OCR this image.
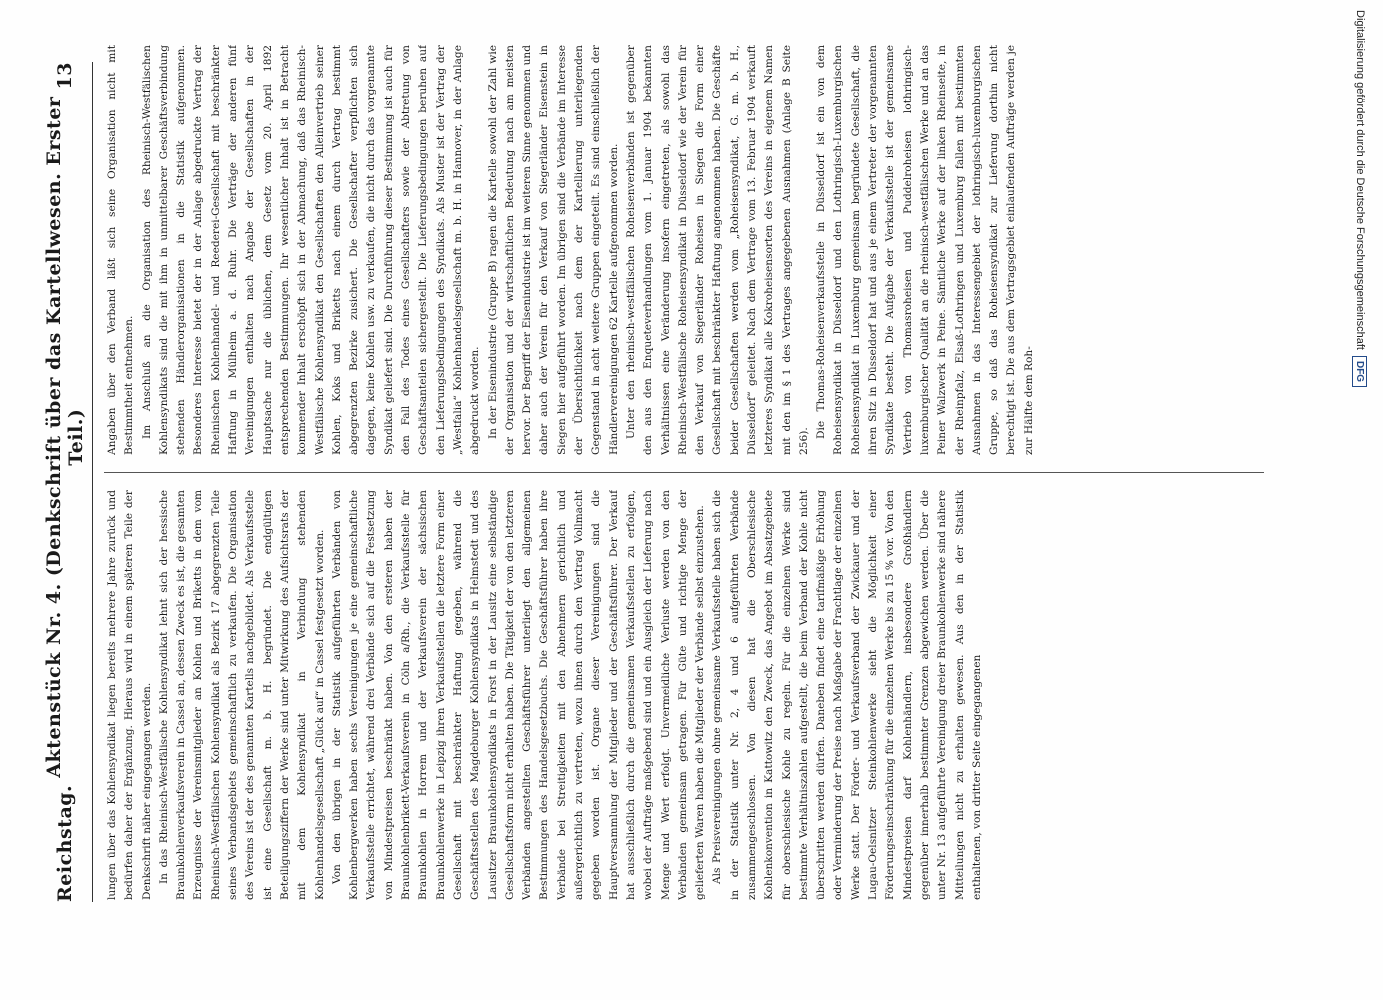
Reichstag.
Aktenstück Nr. 4. (Denkschrift über das Kartellwesen. Erster Teil.)
13

lungen über das Kohlensyndikat liegen bereits mehrere Jahre zurück und bedürfen daher der Ergänzung. Hieraus wird in einem späteren Teile der Denkschrift näher eingegangen werden. In das Rheinisch-Westfälische Kohlensyndikat lehnt sich der hessische Braunkohlenverkaufsverein in Cassel an, dessen Zweck es ist, die gesamten Erzeugnisse der Vereinsmitglieder an Kohlen und Briketts in dem vom Rheinisch-Westfälischen Kohlensyndikat als Bezirk 17 abgegrenzten Teile seines Verbandsgebiets gemeinschaftlich zu verkaufen. Die Organisation des Vereins ist der des genannten Kartells nachgebildet. Als Verkaufsstelle ist eine Gesellschaft m. b. H. begründet. Die endgültigen Beteiligungsziffern der Werke sind unter Mitwirkung des Aufsichtsrats der mit dem Kohlensyndikat in Verbindung stehenden Kohlenhandelsgesellschaft „Glück auf“ in Cassel festgesetzt worden. Von den übrigen in der Statistik aufgeführten Verbänden von Kohlenbergwerken haben sechs Vereinigungen je eine gemeinschaftliche Verkaufsstelle errichtet, während drei Verbände sich auf die Festsetzung von Mindestpreisen beschränkt haben. Von den ersteren haben der Braunkohlenbrikett-Verkaufsverein in Cöln a/Rh., die Verkaufsstelle für Braunkohlen in Horrem und der Verkaufsverein der sächsischen Braunkohlenwerke in Leipzig ihren Verkaufsstellen die letztere Form einer Gesellschaft mit beschränkter Haftung gegeben, während die Geschäftsstellen des Magdeburger Kohlensyndikats in Helmstedt und des Lausitzer Braunkohlensyndikats in Forst in der Lausitz eine selbständige Gesellschaftsform nicht erhalten haben. Die Tätigkeit der von den letzteren Verbänden angestellten Geschäftsführer unterliegt den allgemeinen Bestimmungen des Handelsgesetzbuchs. Die Geschäftsführer haben ihre Verbände bei Streitigkeiten mit den Abnehmern gerichtlich und außergerichtlich zu vertreten, wozu ihnen durch den Vertrag Vollmacht gegeben worden ist. Organe dieser Vereinigungen sind die Hauptversammlung der Mitglieder und der Geschäftsführer. Der Verkauf hat ausschließlich durch die gemeinsamen Verkaufsstellen zu erfolgen, wobei der Aufträge maßgebend sind und ein Ausgleich der Lieferung nach Menge und Wert erfolgt. Unvermeidliche Verluste werden von den Verbänden gemeinsam getragen. Für Güte und richtige Menge der gelieferten Waren haben die Mitglieder der Verbände selbst einzustehen. Als Preisvereinigungen ohne gemeinsame Verkaufsstelle haben sich die in der Statistik unter Nr. 2, 4 und 6 aufgeführten Verbände zusammengeschlossen. Von diesen hat die Oberschlesische Kohlenkonvention in Kattowitz den Zweck, das Angebot im Absatzgebiete für oberschlesische Kohle zu regeln. Für die einzelnen Werke sind bestimmte Verhältniszahlen aufgestellt, die beim Verband der Kohle nicht überschritten werden dürfen. Daneben findet eine tarifmäßige Erhöhung oder Verminderung der Preise nach Maßgabe der Frachtlage der einzelnen Werke statt. Der Förder- und Verkaufsverband der Zwickauer und der Lugau-Oelsnitzer Steinkohlenwerke sieht die Möglichkeit einer Förderungseinschränkung für die einzelnen Werke bis zu 15 % vor. Von den Mindestpreisen darf Kohlenhändlern, insbesondere Großhändlern gegenüber innerhalb bestimmter Grenzen abgewichen werden. Über die unter Nr. 13 aufgeführte Vereinigung dreier Braunkohlenwerke sind nähere Mitteilungen nicht zu erhalten gewesen. Aus den in der Statistik enthaltenen, von dritter Seite eingegangenen

Angaben über den Verband läßt sich seine Organisation nicht mit Bestimmtheit entnehmen. Im Anschluß an die Organisation des Rheinisch-Westfälischen Kohlensyndikats sind die mit ihm in unmittelbarer Geschäftsverbindung stehenden Händlerorganisationen in die Statistik aufgenommen. Besonderes Interesse bietet der in der Anlage abgedruckte Vertrag der Rheinischen Kohlenhandel- und Reederei-Gesellschaft mit beschränkter Haftung in Mülheim a. d. Ruhr. Die Verträge der anderen fünf Vereinigungen enthalten nach Angabe der Gesellschaften in der Hauptsache nur die üblichen, dem Gesetz vom 20. April 1892 entsprechenden Bestimmungen. Ihr wesentlicher Inhalt ist in Betracht kommender Inhalt erschöpft sich in der Abmachung, daß das Rheinisch-Westfälische Kohlensyndikat den Gesellschaften den Alleinvertrieb seiner Kohlen, Koks und Briketts nach einem durch Vertrag bestimmt abgegrenzten Bezirke zusichert. Die Gesellschafter verpflichten sich dagegen, keine Kohlen usw. zu verkaufen, die nicht durch das vorgenannte Syndikat geliefert sind. Die Durchführung dieser Bestimmung ist auch für den Fall des Todes eines Gesellschafters sowie der Abtretung von Geschäftsanteilen sichergestellt. Die Lieferungsbedingungen beruhen auf den Lieferungsbedingungen des Syndikats. Als Muster ist der Vertrag der „Westfalia“ Kohlenhandelsgesellschaft m. b. H. in Hannover, in der Anlage abgedruckt worden. In der Eisenindustrie (Gruppe B) ragen die Kartelle sowohl der Zahl wie der Organisation und der wirtschaftlichen Bedeutung nach am meisten hervor. Der Begriff der Eisenindustrie ist im weiteren Sinne genommen und daher auch der Verein für den Verkauf von Siegerländer Eisenstein in Siegen hier aufgeführt worden. Im übrigen sind die Verbände im Interesse der Übersichtlichkeit nach dem der Kartellierung unterliegenden Gegenstand in acht weitere Gruppen eingeteilt. Es sind einschließlich der Händlervereinigungen 62 Kartelle aufgenommen worden. Unter den rheinisch-westfälischen Roheisenverbänden ist gegenüber den aus den Enqueteverhandlungen vom 1. Januar 1904 bekannten Verhältnissen eine Veränderung insofern eingetreten, als sowohl das Rheinisch-Westfälische Roheisensyndikat in Düsseldorf wie der Verein für den Verkauf von Siegerländer Roheisen in Siegen die Form einer Gesellschaft mit beschränkter Haftung angenommen haben. Die Geschäfte beider Gesellschaften werden vom „Roheisensyndikat, G. m. b. H., Düsseldorf“ geleitet. Nach dem Vertrage vom 13. Februar 1904 verkauft letzteres Syndikat alle Kokroheisensorten des Vereins in eigenem Namen mit den im § 1 des Vertrages angegebenen Ausnahmen (Anlage B Seite 256).

Die Thomas-Roheisenverkaufsstelle in Düsseldorf ist ein von dem Roheisensyndikat in Düsseldorf und den Lothringisch-Luxemburgischen Roheisensyndikat in Luxemburg gemeinsam begründete Gesellschaft, die ihren Sitz in Düsseldorf hat und aus je einem Vertreter der vorgenannten Syndikate besteht. Die Aufgabe der Verkaufsstelle ist der gemeinsame Vertrieb von Thomasroheisen und Puddelroheisen lothringisch-luxemburgischer Qualität an die rheinisch-westfälischen Werke und an das Peiner Walzwerk in Peine. Sämtliche Werke auf der linken Rheinseite, in der Rheinpfalz, Elsaß-Lothringen und Luxemburg fallen mit bestimmten Ausnahmen in das Interessengebiet der lothringisch-luxemburgischen Gruppe, so daß das Roheisensyndikat zur Lieferung dorthin nicht berechtigt ist. Die aus dem Vertragsgebiet einlaufenden Aufträge werden je zur Hälfte dem Roh-

Digitalisierung gefördert durch die Deutsche Forschungsgemeinschaft
DFG
